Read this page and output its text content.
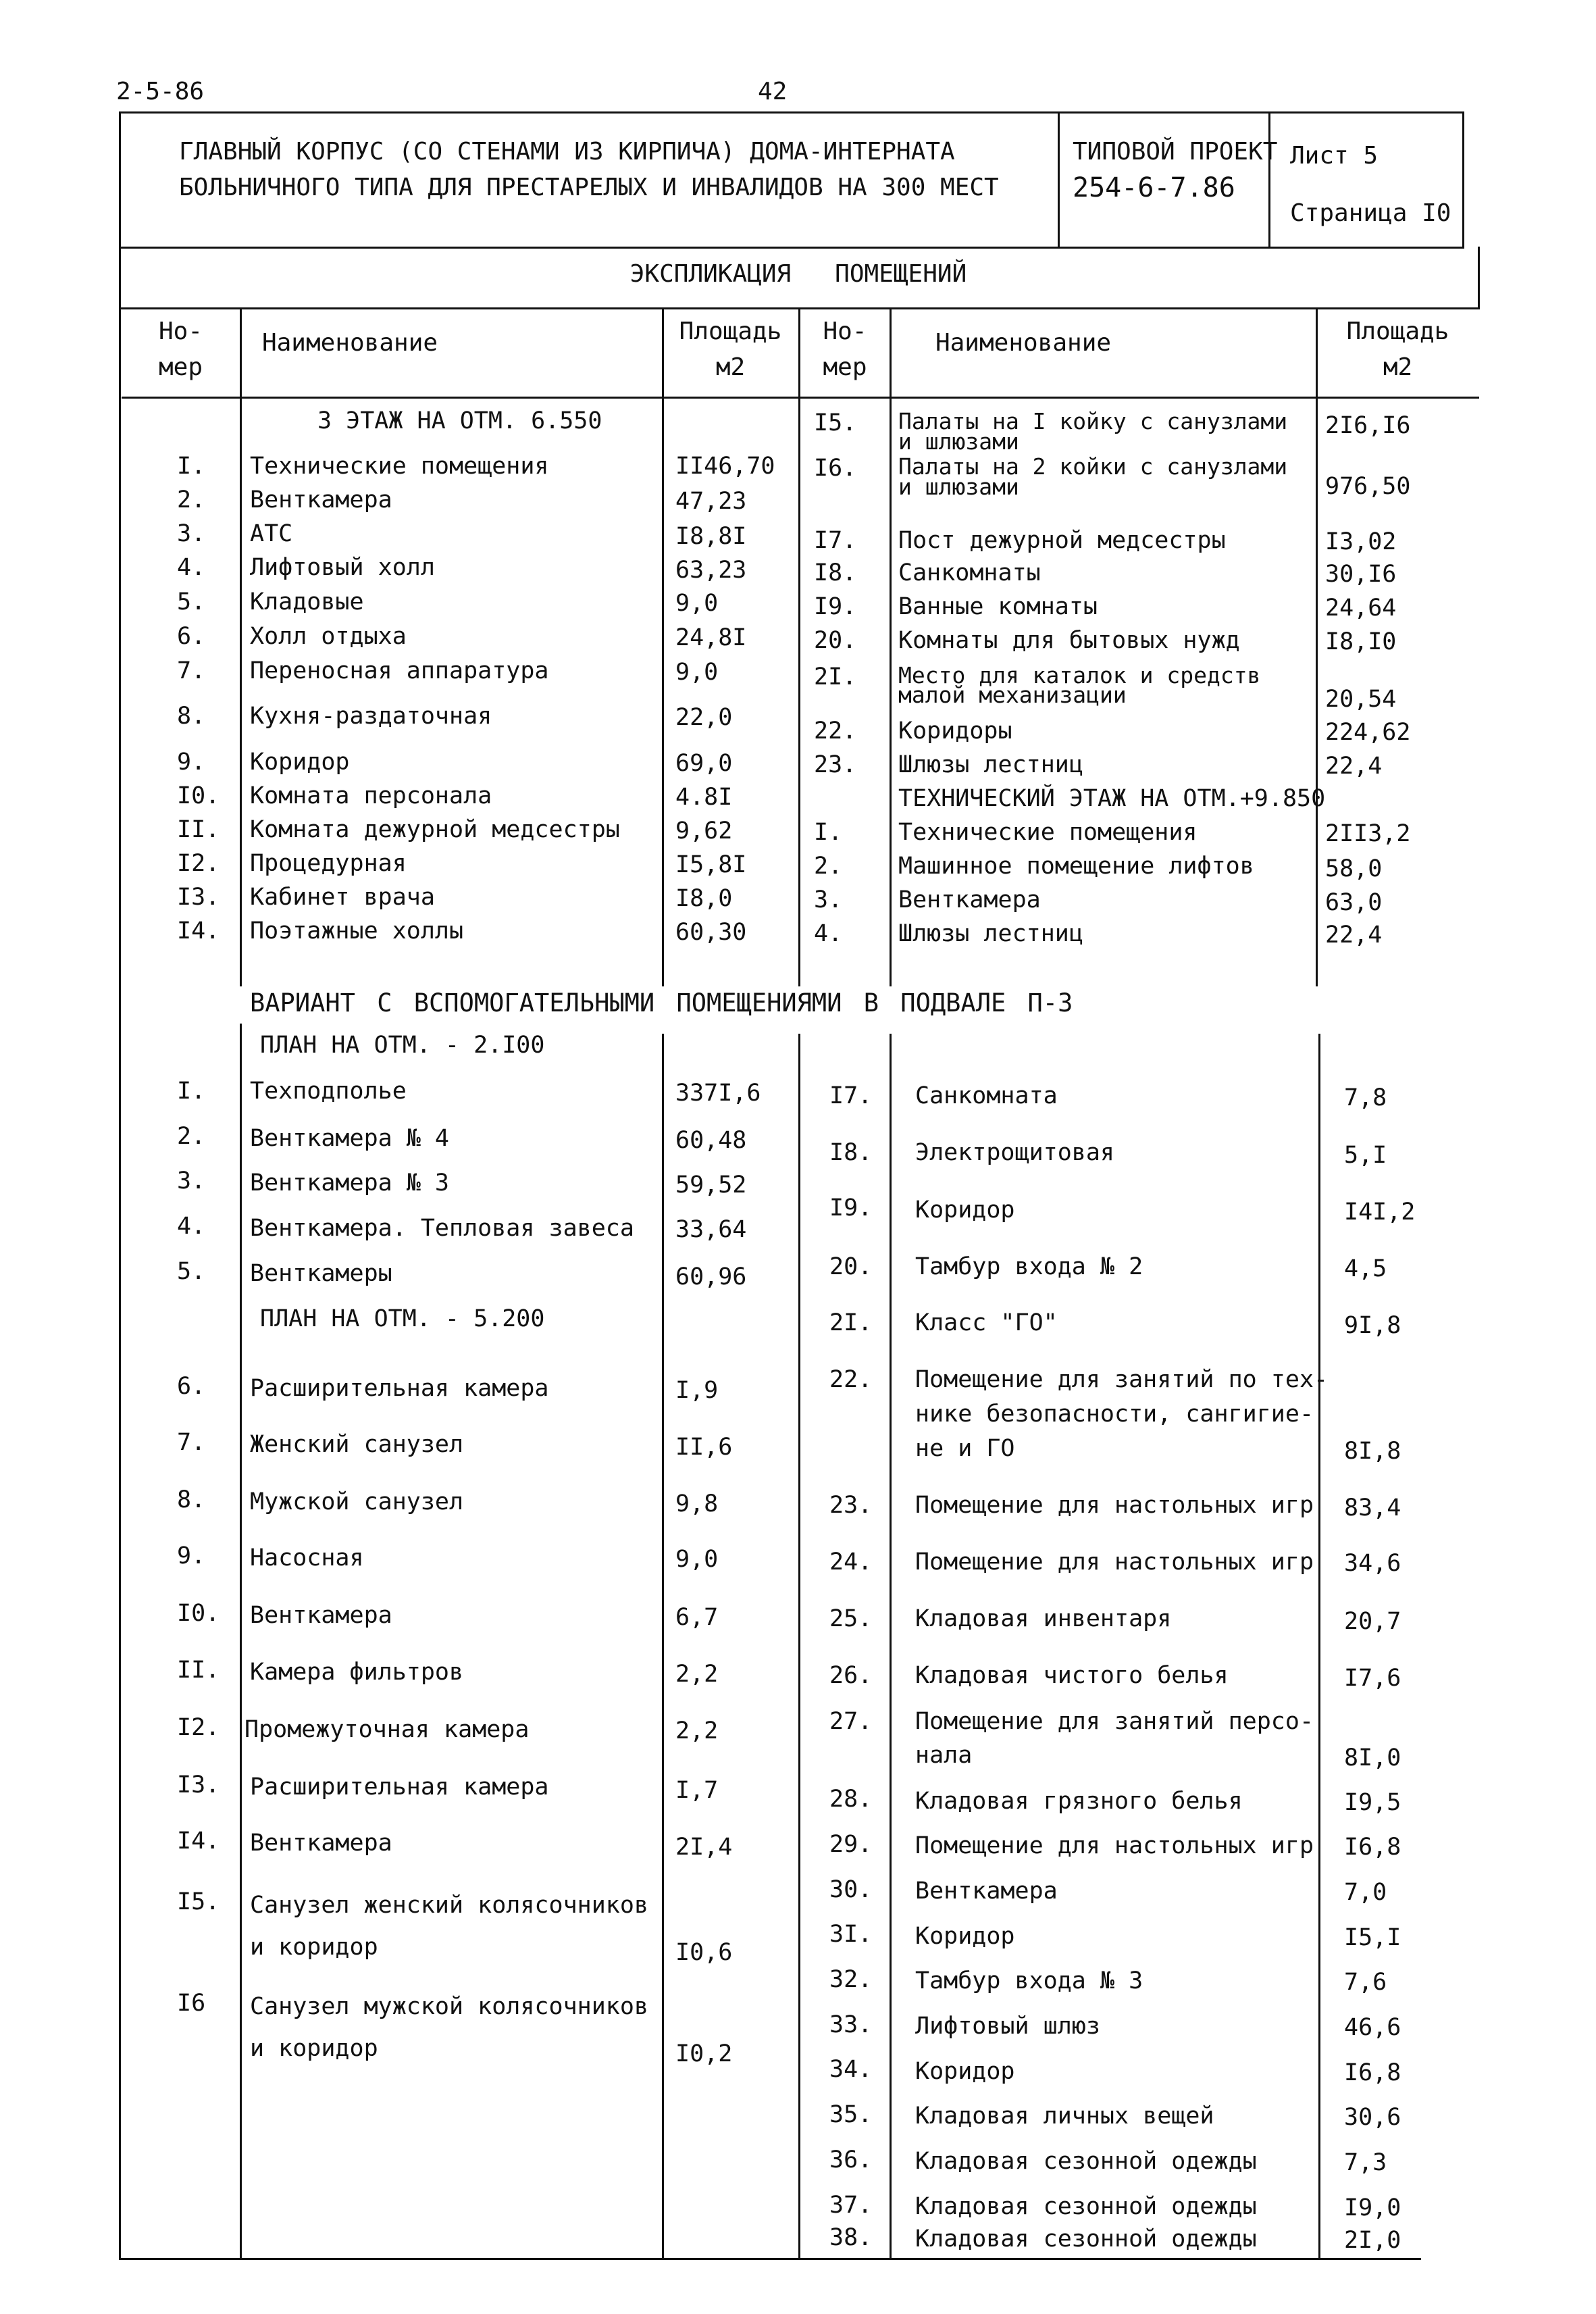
2-5-86	42
ГЛАВНЫЙ КОРПУС (СО СТЕНАМИ ИЗ КИРПИЧА) ДОМА-ИНТЕРНАТА
БОЛЬНИЧНОГО ТИПА ДЛЯ ПРЕСТАРЕЛЫХ И ИНВАЛИДОВ НА 300 МЕСТ
ТИПОВОЙ ПРОЕКТ
254-6-7.86
Лист 5
Страница I0
ЭКСПЛИКАЦИЯ   ПОМЕЩЕНИЙ
Но-
мер
Наименование	Площадь
м2
Но-
мер
Наименование	Площадь
м2
3 ЭТАЖ НА ОТМ. 6.550
I. Технические помещения	II46,70
2. Венткамера	47,23
3. АТС	I8,8I
4. Лифтовый холл	63,23
5. Кладовые	9,0
6. Холл отдыха	24,8I
7. Переносная аппаратура	9,0
8. Кухня-раздаточная	22,0
9. Коридор	69,0
I0. Комната персонала	4.8I
II. Комната дежурной медсестры 9,62
I2. Процедурная	I5,8I
I3. Кабинет врача	I8,0
I4. Поэтажные холлы	60,30
I5. Палаты на I койку с санузлами
и шлюзами
2I6,I6
I6. Палаты на 2 койки с санузлами
и шлюзами	976,50
I7. Пост дежурной медсестры	I3,02
I8. Санкомнаты	30,I6
I9. Ванные комнаты	24,64
20. Комнаты для бытовых нужд	I8,I0
2I. Место для каталок и средств
малой механизации	20,54
22. Коридоры	224,62
23. Шлюзы лестниц	22,4
ТЕХНИЧЕСКИЙ ЭТАЖ НА ОТМ.+9.850
I. Технические помещения	2II3,2
2. Машинное помещение лифтов	58,0
3. Венткамера	63,0
4. Шлюзы лестниц	22,4
ВАРИАНТ С ВСПОМОГАТЕЛЬНЫМИ ПОМЕЩЕНИЯМИ В ПОДВАЛЕ П-3
ПЛАН НА ОТМ. - 2.I00
I. Техподполье	337I,6
2. Венткамера № 4	60,48
3. Венткамера № 3	59,52
4. Венткамера. Тепловая завеса 33,64
5. Венткамеры	60,96
ПЛАН НА ОТМ. - 5.200
6. Расширительная камера	I,9
7. Женский санузел	II,6
8. Мужской санузел	9,8
9. Насосная	9,0
I0. Венткамера	6,7
II. Камера фильтров	2,2
I2. Промежуточная камера	2,2
I3. Расширительная камера	I,7
I4. Венткамера	2I,4
I5. Санузел женский колясочников
и коридор	I0,6
I6 Санузел мужской колясочников
и коридор	I0,2
I7. Санкомната	7,8
I8. Электрощитовая	5,I
I9. Коридор	I4I,2
20. Тамбур входа № 2	4,5
2I. Класс "ГО"	9I,8
22. Помещение для занятий по тех-
нике безопасности, сангигие-
не и ГО	8I,8
23. Помещение для настольных игр 83,4
24. Помещение для настольных игр 34,6
25. Кладовая инвентаря	20,7
26. Кладовая чистого белья	I7,6
27. Помещение для занятий персо-
нала	8I,0
28. Кладовая грязного белья	I9,5
29. Помещение для настольных игр I6,8
30. Венткамера	7,0
3I. Коридор	I5,I
32. Тамбур входа № 3	7,6
33. Лифтовый шлюз	46,6
34. Коридор	I6,8
35. Кладовая личных вещей	30,6
36. Кладовая сезонной одежды	7,3
37. Кладовая сезонной одежды	I9,0
38. Кладовая сезонной одежды	2I,0
